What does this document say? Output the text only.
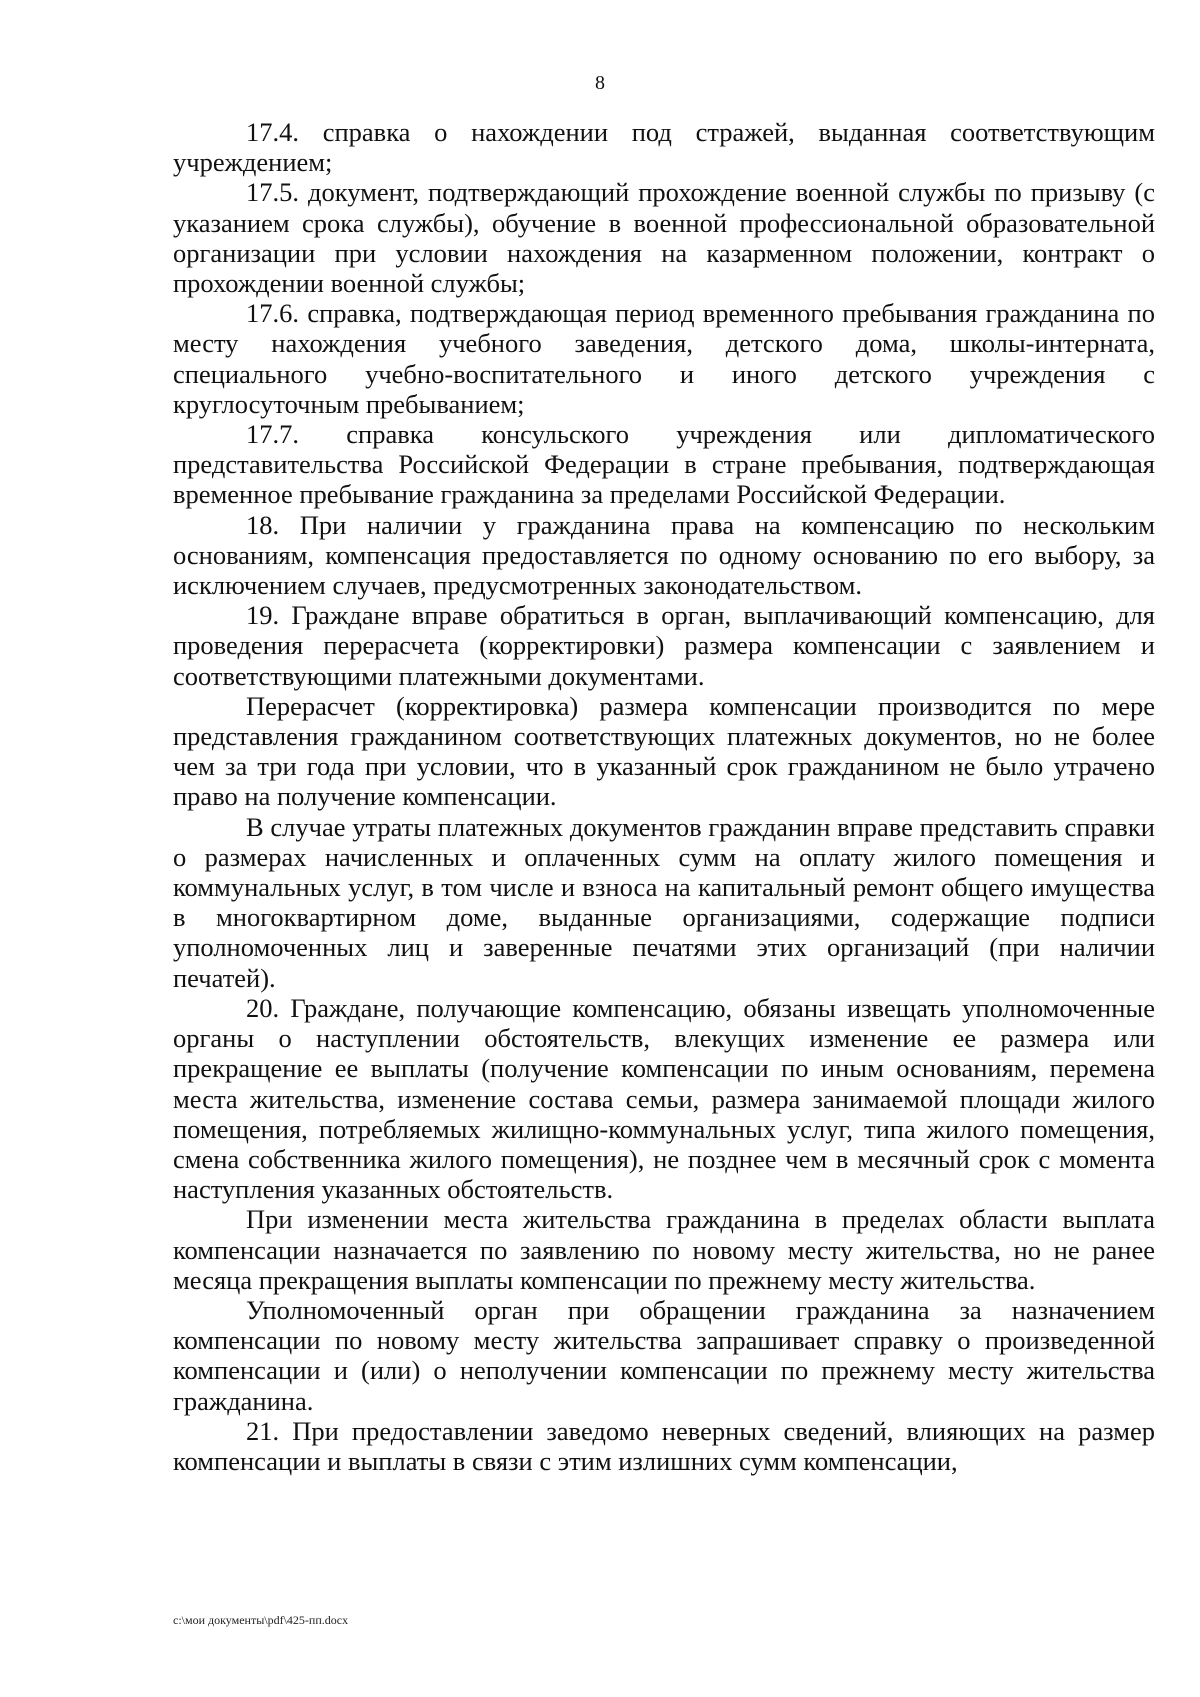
8

17.4. справка о нахождении под стражей, выданная соответствующим учреждением;

17.5. документ, подтверждающий прохождение военной службы по призыву (с указанием срока службы), обучение в военной профессиональной образовательной организации при условии нахождения на казарменном положении, контракт о прохождении военной службы;

17.6. справка, подтверждающая период временного пребывания гражданина по месту нахождения учебного заведения, детского дома, школы-интерната, специального учебно-воспитательного и иного детского учреждения с круглосуточным пребыванием;

17.7. справка консульского учреждения или дипломатического представительства Российской Федерации в стране пребывания, подтверждающая временное пребывание гражданина за пределами Российской Федерации.

18. При наличии у гражданина права на компенсацию по нескольким основаниям, компенсация предоставляется по одному основанию по его выбору, за исключением случаев, предусмотренных законодательством.

19. Граждане вправе обратиться в орган, выплачивающий компенсацию, для проведения перерасчета (корректировки) размера компенсации с заявлением и соответствующими платежными документами.

Перерасчет (корректировка) размера компенсации производится по мере представления гражданином соответствующих платежных документов, но не более чем за три года при условии, что в указанный срок гражданином не было утрачено право на получение компенсации.

В случае утраты платежных документов гражданин вправе представить справки о размерах начисленных и оплаченных сумм на оплату жилого помещения и коммунальных услуг, в том числе и взноса на капитальный ремонт общего имущества в многоквартирном доме, выданные организациями, содержащие подписи уполномоченных лиц и заверенные печатями этих организаций (при наличии печатей).

20. Граждане, получающие компенсацию, обязаны извещать уполномоченные органы о наступлении обстоятельств, влекущих изменение ее размера или прекращение ее выплаты (получение компенсации по иным основаниям, перемена места жительства, изменение состава семьи, размера занимаемой площади жилого помещения, потребляемых жилищно-коммунальных услуг, типа жилого помещения, смена собственника жилого помещения), не позднее чем в месячный срок с момента наступления указанных обстоятельств.

При изменении места жительства гражданина в пределах области выплата компенсации назначается по заявлению по новому месту жительства, но не ранее месяца прекращения выплаты компенсации по прежнему месту жительства.

Уполномоченный орган при обращении гражданина за назначением компенсации по новому месту жительства запрашивает справку о произведенной компенсации и (или) о неполучении компенсации по прежнему месту жительства гражданина.

21. При предоставлении заведомо неверных сведений, влияющих на размер компенсации и выплаты в связи с этим излишних сумм компенсации,

c:\мои документы\pdf\425-пп.docx
